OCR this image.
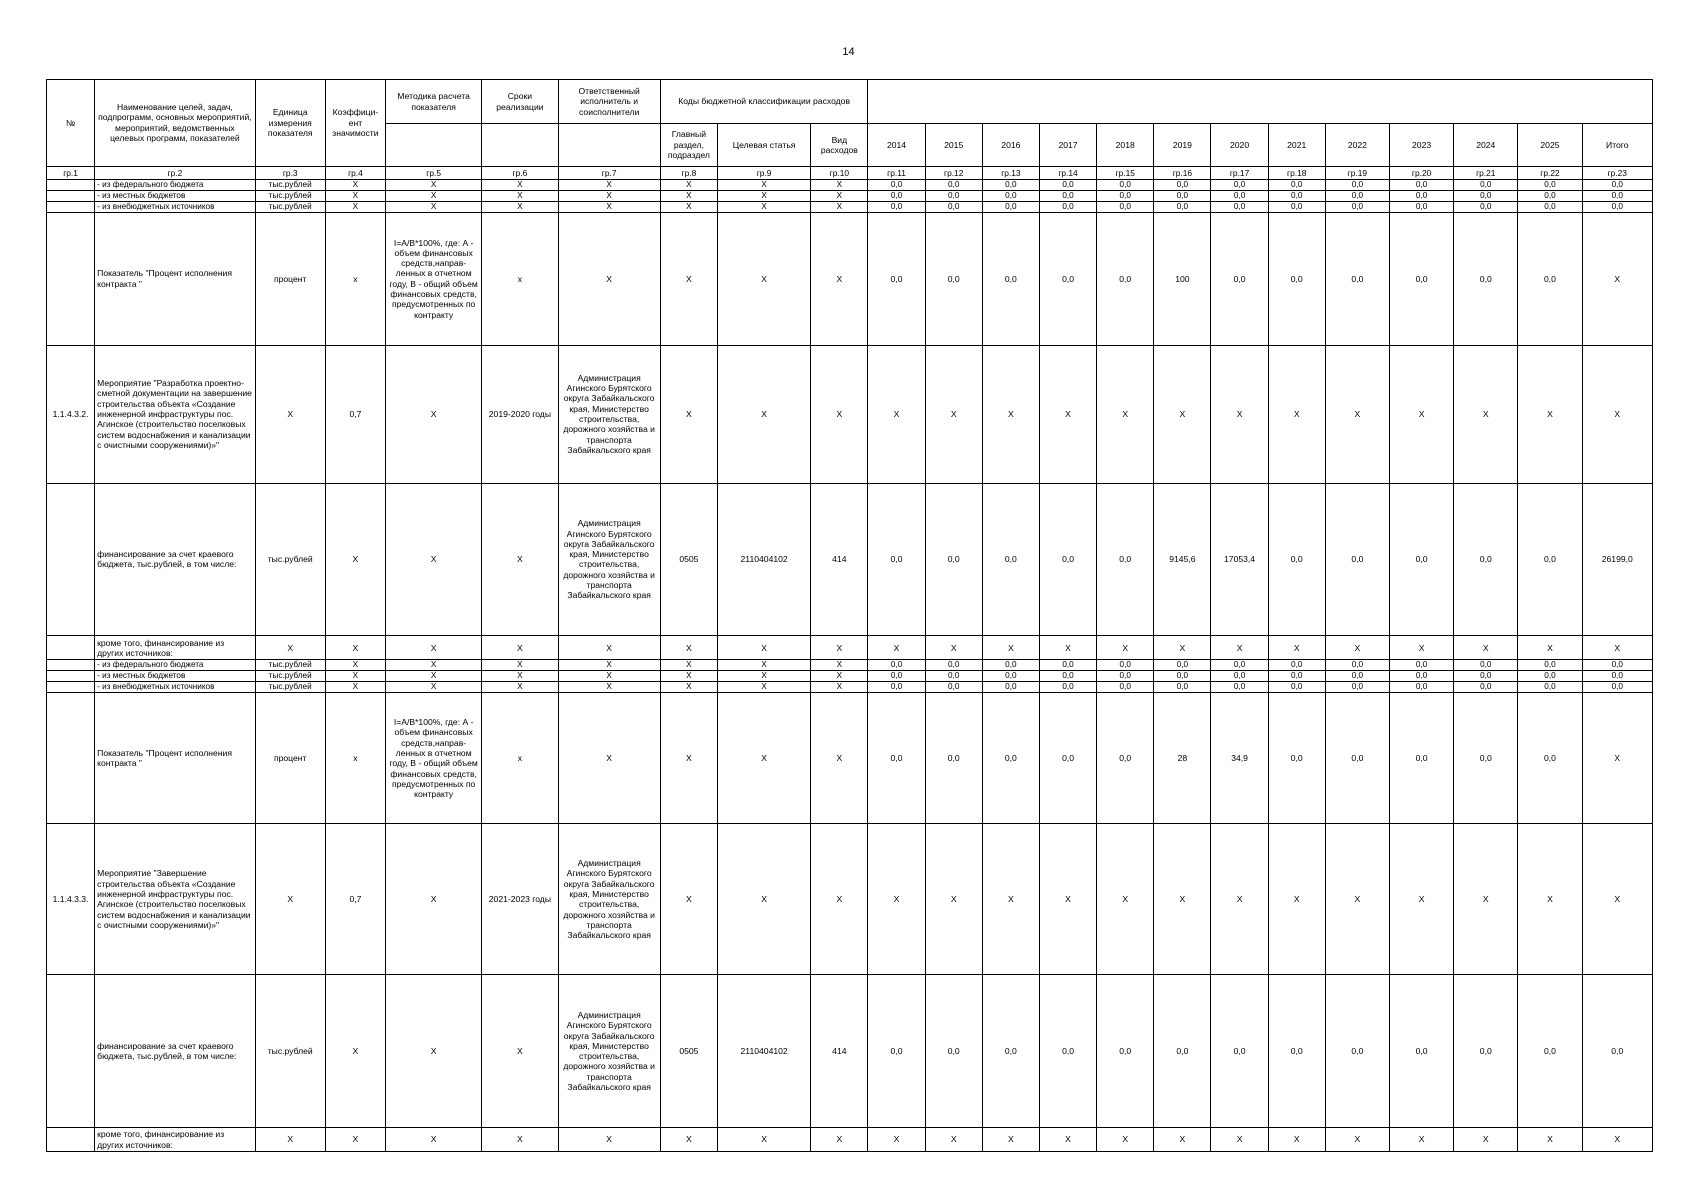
14
№	Наименование целей, задач, подпрограмм, основных мероприятий, мероприятий, ведомственных целевых программ, показателей	Единица измерения показателя	Коэффици-ент значимости	Методика расчета показателя	Сроки реализации	Ответственный исполнитель и соисполнители	Коды бюджетной классификации расходов															
							Главный раздел, подраздел	Целевая статья	Вид расходов	2014	2015	2016	2017	2018	2019	2020	2021	2022	2023	2024	2025	Итого
гр.1	гр.2	гр.3	гр.4	гр.5	гр.6	гр.7	гр.8	гр.9	гр.10	гр.11	гр.12	гр.13	гр.14	гр.15	гр.16	гр.17	гр.18	гр.19	гр.20	гр.21	гр.22	гр.23
	- из федерального бюджета	тыс.рублей	Х	Х	Х	Х	Х	Х	Х	0,0	0,0	0,0	0,0	0,0	0,0	0,0	0,0	0,0	0,0	0,0	0,0	0,0
	- из местных бюджетов	тыс.рублей	Х	Х	Х	Х	Х	Х	Х	0,0	0,0	0,0	0,0	0,0	0,0	0,0	0,0	0,0	0,0	0,0	0,0	0,0
	- из внебюджетных источников	тыс.рублей	Х	Х	Х	Х	Х	Х	Х	0,0	0,0	0,0	0,0	0,0	0,0	0,0	0,0	0,0	0,0	0,0	0,0	0,0
	Показатель "Процент исполнения контракта "	процент	х	I=A/B*100%, где: А - объем финансовых средств,направ-ленных в отчетном году, В - общий объем финансовых средств, предусмотренных по контракту	х	Х	Х	Х	Х	0,0	0,0	0,0	0,0	0,0	100	0,0	0,0	0,0	0,0	0,0	0,0	Х
1.1.4.3.2.	Мероприятие "Разработка проектно-сметной документации на завершение строительства объекта «Создание инженерной инфраструктуры пос. Агинское (строительство поселковых систем водоснабжения и канализации с очистными сооружениями)»"	Х	0,7	Х	2019-2020 годы	Администрация Агинского Бурятского округа Забайкальского края, Министерство строительства, дорожного хозяйства и транспорта Забайкальского края	Х	Х	Х	Х	Х	Х	Х	Х	Х	Х	Х	Х	Х	Х	Х	Х
	финансирование за счет краевого бюджета, тыс.рублей, в том числе:	тыс.рублей	Х	Х	Х	Администрация Агинского Бурятского округа Забайкальского края, Министерство строительства, дорожного хозяйства и транспорта Забайкальского края	0505	2110404102	414	0,0	0,0	0,0	0,0	0,0	9145,6	17053,4	0,0	0,0	0,0	0,0	0,0	26199,0
	кроме того, финансирование из других источников:	Х	Х	Х	Х	Х	Х	Х	Х	Х	Х	Х	Х	Х	Х	Х	Х	Х	Х	Х	Х	Х
	- из федерального бюджета	тыс.рублей	Х	Х	Х	Х	Х	Х	Х	0,0	0,0	0,0	0,0	0,0	0,0	0,0	0,0	0,0	0,0	0,0	0,0	0,0
	- из местных бюджетов	тыс.рублей	Х	Х	Х	Х	Х	Х	Х	0,0	0,0	0,0	0,0	0,0	0,0	0,0	0,0	0,0	0,0	0,0	0,0	0,0
	- из внебюджетных источников	тыс.рублей	Х	Х	Х	Х	Х	Х	Х	0,0	0,0	0,0	0,0	0,0	0,0	0,0	0,0	0,0	0,0	0,0	0,0	0,0
	Показатель "Процент исполнения контракта "	процент	х	I=A/B*100%, где: А - объем финансовых средств,направ-ленных в отчетном году, В - общий объем финансовых средств, предусмотренных по контракту	х	Х	Х	Х	Х	0,0	0,0	0,0	0,0	0,0	28	34,9	0,0	0,0	0,0	0,0	0,0	Х
1.1.4.3.3.	Мероприятие "Завершение строительства объекта «Создание инженерной инфраструктуры пос. Агинское (строительство поселковых систем водоснабжения и канализации с очистными сооружениями)»"	Х	0,7	Х	2021-2023 годы	Администрация Агинского Бурятского округа Забайкальского края, Министерство строительства, дорожного хозяйства и транспорта Забайкальского края	Х	Х	Х	Х	Х	Х	Х	Х	Х	Х	Х	Х	Х	Х	Х	Х
	финансирование за счет краевого бюджета, тыс.рублей, в том числе:	тыс.рублей	Х	Х	Х	Администрация Агинского Бурятского округа Забайкальского края, Министерство строительства, дорожного хозяйства и транспорта Забайкальского края	0505	2110404102	414	0,0	0,0	0,0	0,0	0,0	0,0	0,0	0,0	0,0	0,0	0,0	0,0	0,0
	кроме того, финансирование из других источников:	Х	Х	Х	Х	Х	Х	Х	Х	Х	Х	Х	Х	Х	Х	Х	Х	Х	Х	Х	Х	Х
